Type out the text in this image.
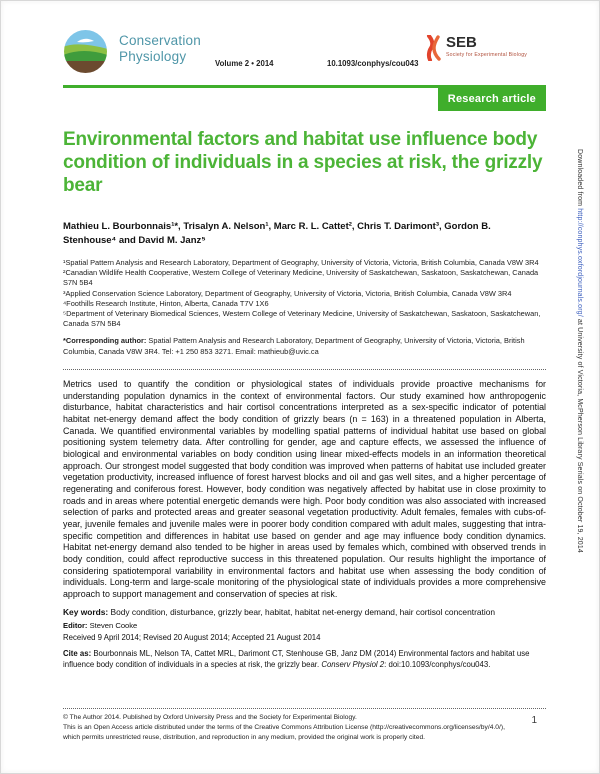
Conservation
Physiology	Volume 2 • 2014	10.1093/conphys/cou043
SEB
Society for Experimental Biology
Research article
Environmental factors and habitat use influence body condition of individuals in a species at risk, the grizzly bear
Mathieu L. Bourbonnais¹*, Trisalyn A. Nelson¹, Marc R. L. Cattet², Chris T. Darimont³, Gordon B. Stenhouse⁴ and David M. Janz⁵

¹Spatial Pattern Analysis and Research Laboratory, Department of Geography, University of Victoria, Victoria, British Columbia, Canada V8W 3R4

²Canadian Wildlife Health Cooperative, Western College of Veterinary Medicine, University of Saskatchewan, Saskatoon, Saskatchewan, Canada S7N 5B4

³Applied Conservation Science Laboratory, Department of Geography, University of Victoria, Victoria, British Columbia, Canada V8W 3R4

⁴Foothills Research Institute, Hinton, Alberta, Canada T7V 1X6

⁵Department of Veterinary Biomedical Sciences, Western College of Veterinary Medicine, University of Saskatchewan, Saskatoon, Saskatchewan, Canada S7N 5B4

*Corresponding author: Spatial Pattern Analysis and Research Laboratory, Department of Geography, University of Victoria, Victoria, British Columbia, Canada V8W 3R4. Tel: +1 250 853 3271. Email: mathieub@uvic.ca
Metrics used to quantify the condition or physiological states of individuals provide proactive mechanisms for understanding population dynamics in the context of environmental factors. Our study examined how anthropogenic disturbance, habitat characteristics and hair cortisol concentrations interpreted as a sex-specific indicator of potential habitat net-energy demand affect the body condition of grizzly bears (n = 163) in a threatened population in Alberta, Canada. We quantified environmental variables by modelling spatial patterns of individual habitat use based on global positioning system telemetry data. After controlling for gender, age and capture effects, we assessed the influence of biological and environmental variables on body condition using linear mixed-effects models in an information theoretical approach. Our strongest model suggested that body condition was improved when patterns of habitat use included greater vegetation productivity, increased influence of forest harvest blocks and oil and gas well sites, and a higher percentage of regenerating and coniferous forest. However, body condition was negatively affected by habitat use in close proximity to roads and in areas where potential energetic demands were high. Poor body condition was also associated with increased selection of parks and protected areas and greater seasonal vegetation productivity. Adult females, females with cubs-of-year, juvenile females and juvenile males were in poorer body condition compared with adult males, suggesting that intra-specific competition and differences in habitat use based on gender and age may influence body condition dynamics. Habitat net-energy demand also tended to be higher in areas used by females which, combined with observed trends in body condition, could affect reproductive success in this threatened population. Our results highlight the importance of considering spatiotemporal variability in environmental factors and habitat use when assessing the body condition of individuals. Long-term and large-scale monitoring of the physiological state of individuals provides a more comprehensive approach to support management and conservation of species at risk.
Key words: Body condition, disturbance, grizzly bear, habitat, habitat net-energy demand, hair cortisol concentration
Editor: Steven Cooke
Received 9 April 2014; Revised 20 August 2014; Accepted 21 August 2014
Cite as: Bourbonnais ML, Nelson TA, Cattet MRL, Darimont CT, Stenhouse GB, Janz DM (2014) Environmental factors and habitat use influence body condition of individuals in a species at risk, the grizzly bear. Conserv Physiol 2: doi:10.1093/conphys/cou043.
© The Author 2014. Published by Oxford University Press and the Society for Experimental Biology.
This is an Open Access article distributed under the terms of the Creative Commons Attribution License (http://creativecommons.org/licenses/by/4.0/),
which permits unrestricted reuse, distribution, and reproduction in any medium, provided the original work is properly cited.
1
Downloaded from http://conphys.oxfordjournals.org/ at University of Victoria, McPherson Library Serials on October 19, 2014
